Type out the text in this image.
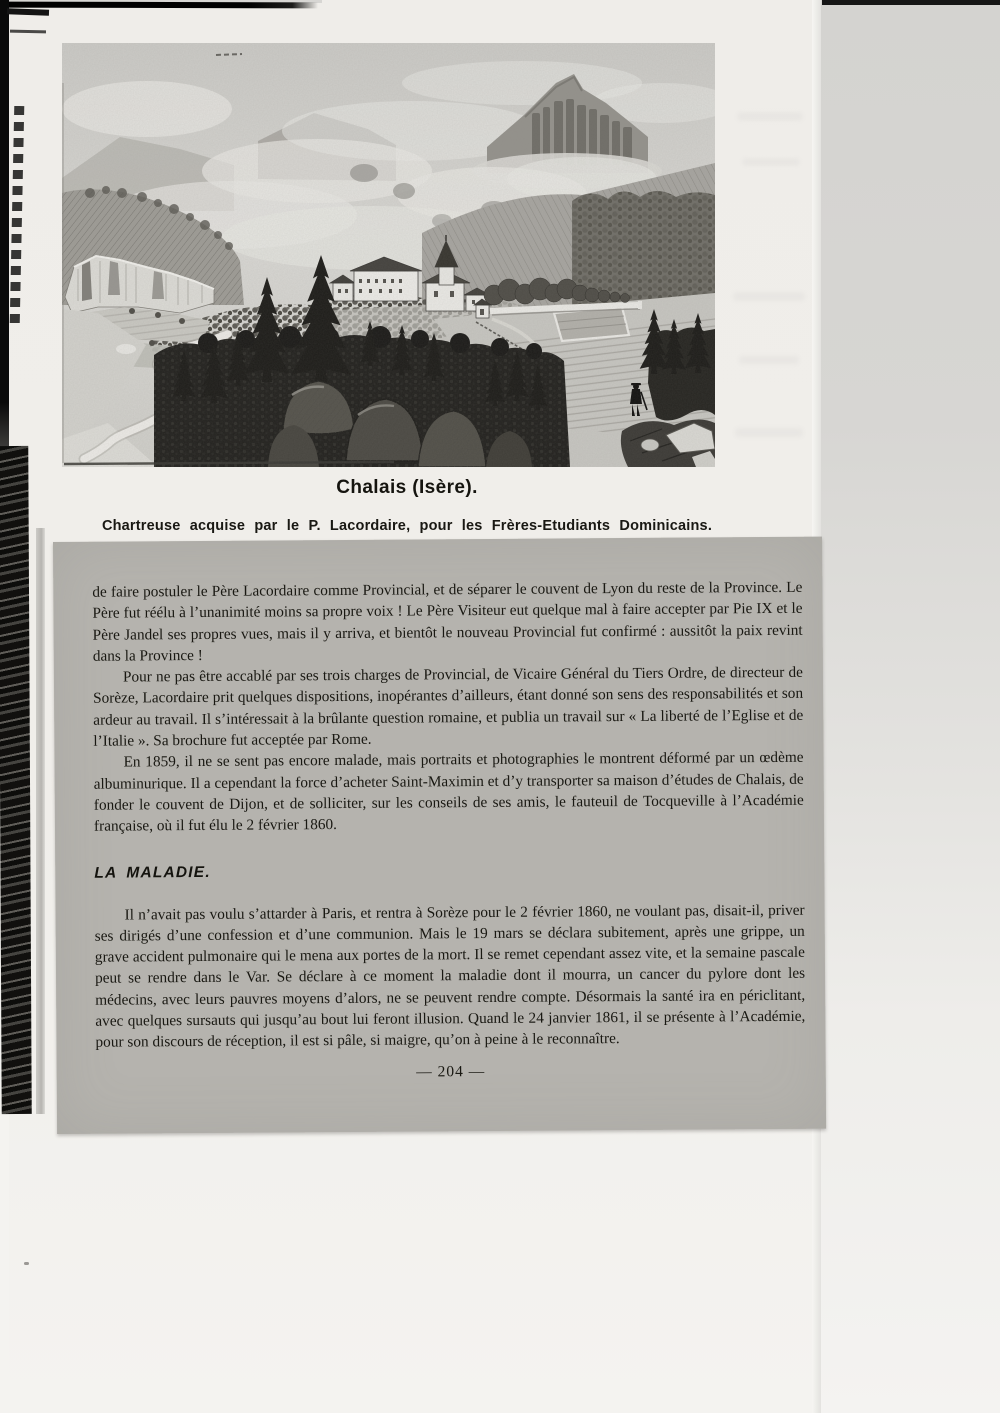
Chalais (Isère).
Chartreuse acquise par le P. Lacordaire, pour les Frères-Etudiants Dominicains.

de faire postuler le Père Lacordaire comme Provincial, et de séparer le couvent de Lyon du reste de la Province. Le Père fut réélu à l’unanimité moins sa propre voix ! Le Père Visiteur eut quelque mal à faire accepter par Pie IX et le Père Jandel ses propres vues, mais il y arriva, et bientôt le nouveau Provincial fut confirmé : aussitôt la paix revint dans la Province !

Pour ne pas être accablé par ses trois charges de Provincial, de Vicaire Général du Tiers Ordre, de directeur de Sorèze, Lacordaire prit quelques dispositions, inopérantes d’ailleurs, étant donné son sens des responsabilités et son ardeur au travail. Il s’intéressait à la brûlante question romaine, et publia un travail sur « La liberté de l’Eglise et de l’Italie ». Sa brochure fut acceptée par Rome.

En 1859, il ne se sent pas encore malade, mais portraits et photographies le montrent déformé par un œdème albuminurique. Il a cependant la force d’acheter Saint-Maximin et d’y transporter sa maison d’études de Chalais, de fonder le couvent de Dijon, et de solliciter, sur les conseils de ses amis, le fauteuil de Tocqueville à l’Académie française, où il fut élu le 2 février 1860.

LA MALADIE.

Il n’avait pas voulu s’attarder à Paris, et rentra à Sorèze pour le 2 février 1860, ne voulant pas, disait-il, priver ses dirigés d’une confession et d’une communion. Mais le 19 mars se déclara subitement, après une grippe, un grave accident pulmonaire qui le mena aux portes de la mort. Il se remet cependant assez vite, et la semaine pascale peut se rendre dans le Var. Se déclare à ce moment la maladie dont il mourra, un cancer du pylore dont les médecins, avec leurs pauvres moyens d’alors, ne se peuvent rendre compte. Désormais la santé ira en périclitant, avec quelques sursauts qui jusqu’au bout lui feront illusion. Quand le 24 janvier 1861, il se présente à l’Académie, pour son discours de réception, il est si pâle, si maigre, qu’on à peine à le reconnaître.

— 204 —
